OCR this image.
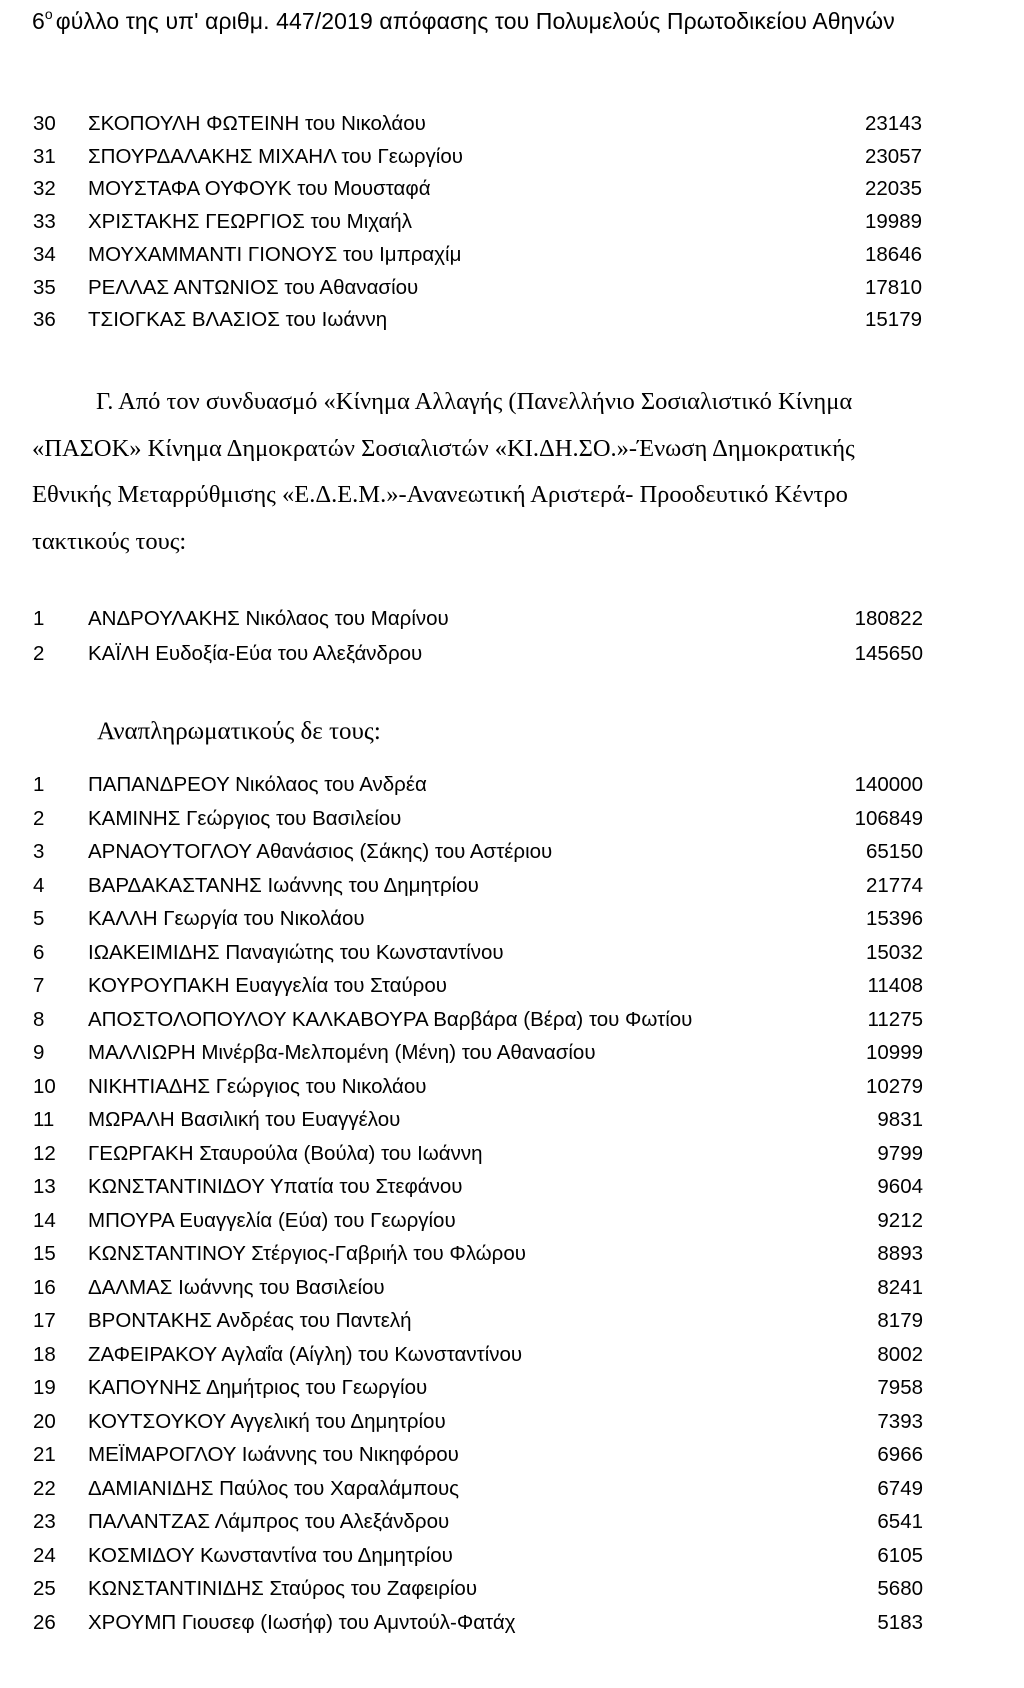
$6^o$ φύλλο της υπ' αριθμ. 447/2019 απόφασης του Πολυμελούς Πρωτοδικείου Αθηνών
30 ΣΚΟΠΟΥΛΗ ΦΩΤΕΙΝΗ του Νικολάου	23143
31 ΣΠΟΥΡΔΑΛΑΚΗΣ ΜΙΧΑΗΛ του Γεωργίου	23057
32 ΜΟΥΣΤΑΦΑ ΟΥΦΟΥΚ του Μουσταφά	22035
33 ΧΡΙΣΤΑΚΗΣ ΓΕΩΡΓΙΟΣ του Μιχαήλ	19989
34 ΜΟΥΧΑΜΜΑΝΤΙ ΓΙΟΝΟΥΣ του Ιμπραχίμ	18646
35 ΡΕΛΛΑΣ ΑΝΤΩΝΙΟΣ του Αθανασίου	17810
36 ΤΣΙΟΓΚΑΣ ΒΛΑΣΙΟΣ του Ιωάννη	15179
Γ. Από τον συνδυασμό «Κίνημα Αλλαγής (Πανελλήνιο Σοσιαλιστικό Κίνημα
«ΠΑΣΟΚ» Κίνημα Δημοκρατών Σοσιαλιστών «ΚΙ.ΔΗ.ΣΟ.»-Ένωση Δημοκρατικής
Εθνικής Μεταρρύθμισης «Ε.Δ.Ε.Μ.»-Ανανεωτική Αριστερά- Προοδευτικό Κέντρο
τακτικούς τους:
1 ΑΝΔΡΟΥΛΑΚΗΣ Νικόλαος του Μαρίνου	180822
2 ΚΑΪΛΗ Ευδοξία-Εύα του Αλεξάνδρου	145650
Αναπληρωματικούς δε τους:
1 ΠΑΠΑΝΔΡΕΟΥ Νικόλαος του Ανδρέα	140000
2 ΚΑΜΙΝΗΣ Γεώργιος του Βασιλείου	106849
3 ΑΡΝΑΟΥΤΟΓΛΟΥ Αθανάσιος (Σάκης) του Αστέριου	65150
4 ΒΑΡΔΑΚΑΣΤΑΝΗΣ Ιωάννης του Δημητρίου	21774
5 ΚΑΛΛΗ Γεωργία του Νικολάου	15396
6 ΙΩΑΚΕΙΜΙΔΗΣ Παναγιώτης του Κωνσταντίνου	15032
7 ΚΟΥΡΟΥΠΑΚΗ Ευαγγελία του Σταύρου	11408
8 ΑΠΟΣΤΟΛΟΠΟΥΛΟΥ ΚΑΛΚΑΒΟΥΡΑ Βαρβάρα (Βέρα) του Φωτίου	11275
9 ΜΑΛΛΙΩΡΗ Μινέρβα-Μελπομένη (Μένη) του Αθανασίου	10999
10 ΝΙΚΗΤΙΑΔΗΣ Γεώργιος του Νικολάου	10279
11 ΜΩΡΑΛΗ Βασιλική του Ευαγγέλου	9831
12 ΓΕΩΡΓΑΚΗ Σταυρούλα (Βούλα) του Ιωάννη	9799
13 ΚΩΝΣΤΑΝΤΙΝΙΔΟΥ Υπατία του Στεφάνου	9604
14 ΜΠΟΥΡΑ Ευαγγελία (Εύα) του Γεωργίου	9212
15 ΚΩΝΣΤΑΝΤΙΝΟΥ Στέργιος-Γαβριήλ του Φλώρου	8893
16 ΔΑΛΜΑΣ Ιωάννης του Βασιλείου	8241
17 ΒΡΟΝΤΑΚΗΣ Ανδρέας του Παντελή	8179
18 ΖΑΦΕΙΡΑΚΟΥ Αγλαΐα (Αίγλη) του Κωνσταντίνου	8002
19 ΚΑΠΟΥΝΗΣ Δημήτριος του Γεωργίου	7958
20 ΚΟΥΤΣΟΥΚΟΥ Αγγελική του Δημητρίου	7393
21 ΜΕΪΜΑΡΟΓΛΟΥ Ιωάννης του Νικηφόρου	6966
22 ΔΑΜΙΑΝΙΔΗΣ Παύλος του Χαραλάμπους	6749
23 ΠΑΛΑΝΤΖΑΣ Λάμπρος του Αλεξάνδρου	6541
24 ΚΟΣΜΙΔΟΥ Κωνσταντίνα του Δημητρίου	6105
25 ΚΩΝΣΤΑΝΤΙΝΙΔΗΣ Σταύρος του Ζαφειρίου	5680
26 ΧΡΟΥΜΠ Γιουσεφ (Ιωσήφ) του Αμντούλ-Φατάχ	5183
